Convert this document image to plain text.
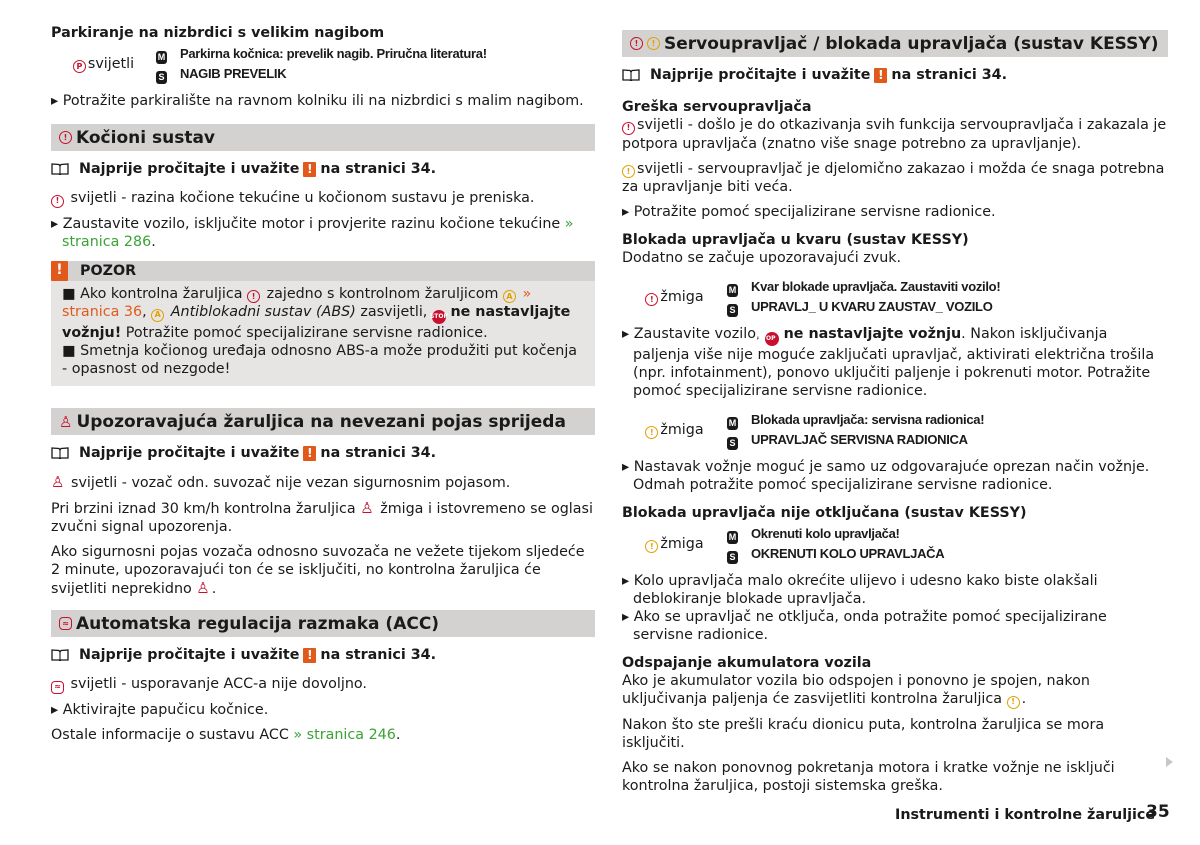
Parkiranje na nizbrdici s velikim nagibom

P svijetli	M Parkirna kočnica: prevelik nagib. Priručna literatura!
S NAGIB PREVELIK

▸ Potražite parkiralište na ravnom kolniku ili na nizbrdici s malim nagibom.

! Kočioni sustav
Najprije pročitajte i uvažite ! na stranici 34.

! svijetli - razina kočione tekućine u kočionom sustavu je preniska.

▸ Zaustavite vozilo, isključite motor i provjerite razinu kočione tekućine » stranica 286.

!	POZOR

■ Ako kontrolna žaruljica ! zajedno s kontrolnom žaruljicom A » stranica 36, A Antiblokadni sustav (ABS) zasvijetli, STOP ne nastavljajte vožnju! Potražite pomoć specijalizirane servisne radionice.

■ Smetnja kočionog uređaja odnosno ABS-a može produžiti put kočenja - opasnost od nezgode!

♙ Upozoravajuća žaruljica na nevezani pojas sprijeda
Najprije pročitajte i uvažite ! na stranici 34.

♙ svijetli - vozač odn. suvozač nije vezan sigurnosnim pojasom.

Pri brzini iznad 30 km/h kontrolna žaruljica ♙ žmiga i istovremeno se oglasi zvučni signal upozorenja.

Ako sigurnosni pojas vozača odnosno suvozača ne vežete tijekom sljedeće 2 minute, upozoravajući ton će se isključiti, no kontrolna žaruljica će svijetliti neprekidno ♙ .

≈ Automatska regulacija razmaka (ACC)
Najprije pročitajte i uvažite ! na stranici 34.

≈ svijetli - usporavanje ACC-a nije dovoljno.

▸ Aktivirajte papučicu kočnice.

Ostale informacije o sustavu ACC » stranica 246.

!	! Servoupravljač / blokada upravljača (sustav KESSY)
Najprije pročitajte i uvažite ! na stranici 34.

Greška servoupravljača

! svijetli - došlo je do otkazivanja svih funkcija servoupravljača i zakazala je potpora upravljača (znatno više snage potrebno za upravljanje).

! svijetli - servoupravljač je djelomično zakazao i možda će snaga potrebna za upravljanje biti veća.

▸ Potražite pomoć specijalizirane servisne radionice.

Blokada upravljača u kvaru (sustav KESSY)

Dodatno se začuje upozoravajući zvuk.

! žmiga	M Kvar blokade upravljača. Zaustaviti vozilo!
S UPRAVLJ_ U KVARU ZAUSTAV_ VOZILO

▸ Zaustavite vozilo, STOP ne nastavljajte vožnju. Nakon isključivanja paljenja više nije moguće zaključati upravljač, aktivirati električna trošila (npr. infotainment), ponovo uključiti paljenje i pokrenuti motor. Potražite pomoć specijalizirane servisne radionice.

! žmiga	M Blokada upravljača: servisna radionica!
S UPRAVLJAČ SERVISNA RADIONICA

▸ Nastavak vožnje moguć je samo uz odgovarajuće oprezan način vožnje. Odmah potražite pomoć specijalizirane servisne radionice.

Blokada upravljača nije otključana (sustav KESSY)

! žmiga	M Okrenuti kolo upravljača!
S OKRENUTI KOLO UPRAVLJAČA

▸ Kolo upravljača malo okrećite ulijevo i udesno kako biste olakšali deblokiranje blokade upravljača.

▸ Ako se upravljač ne otključa, onda potražite pomoć specijalizirane servisne radionice.

Odspajanje akumulatora vozila

Ako je akumulator vozila bio odspojen i ponovno je spojen, nakon uključivanja paljenja će zasvijetliti kontrolna žaruljica ! .

Nakon što ste prešli kraću dionicu puta, kontrolna žaruljica se mora isključiti.

Ako se nakon ponovnog pokretanja motora i kratke vožnje ne isključi kontrolna žaruljica, postoji sistemska greška.

Instrumenti i kontrolne žaruljice
35
